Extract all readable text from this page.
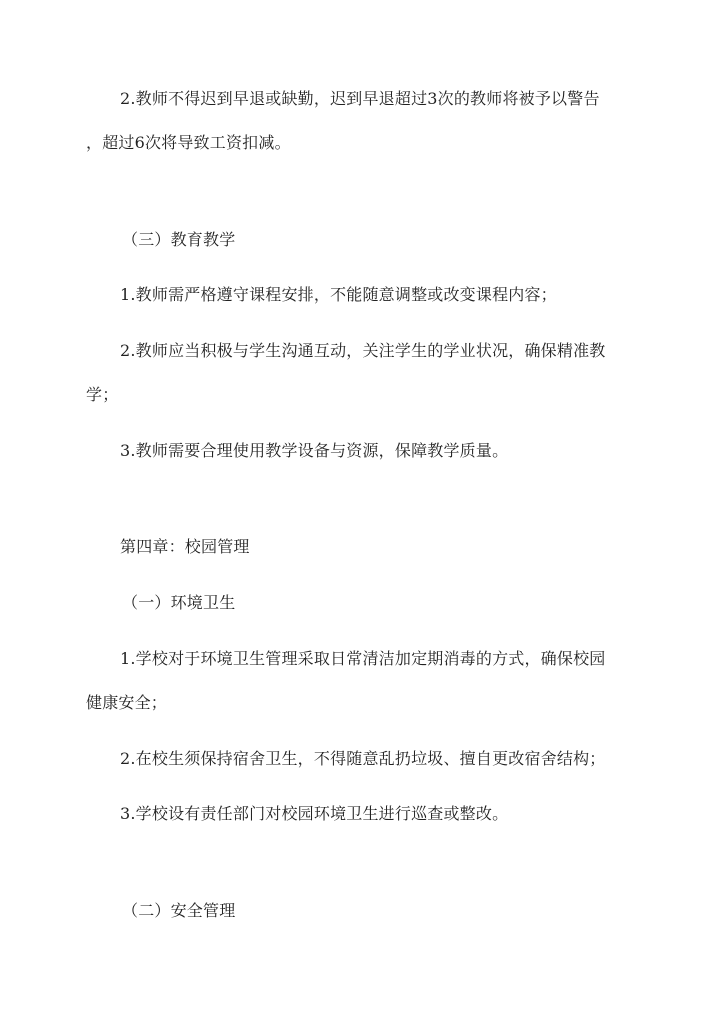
2.教师不得迟到早退或缺勤，迟到早退超过3次的教师将被予以警告
，超过6次将导致工资扣减。
（三）教育教学
1.教师需严格遵守课程安排，不能随意调整或改变课程内容；
2.教师应当积极与学生沟通互动，关注学生的学业状况，确保精准教
学；
3.教师需要合理使用教学设备与资源，保障教学质量。
第四章：校园管理
（一）环境卫生
1.学校对于环境卫生管理采取日常清洁加定期消毒的方式，确保校园
健康安全；
2.在校生须保持宿舍卫生，不得随意乱扔垃圾、擅自更改宿舍结构；
3.学校设有责任部门对校园环境卫生进行巡查或整改。
（二）安全管理
